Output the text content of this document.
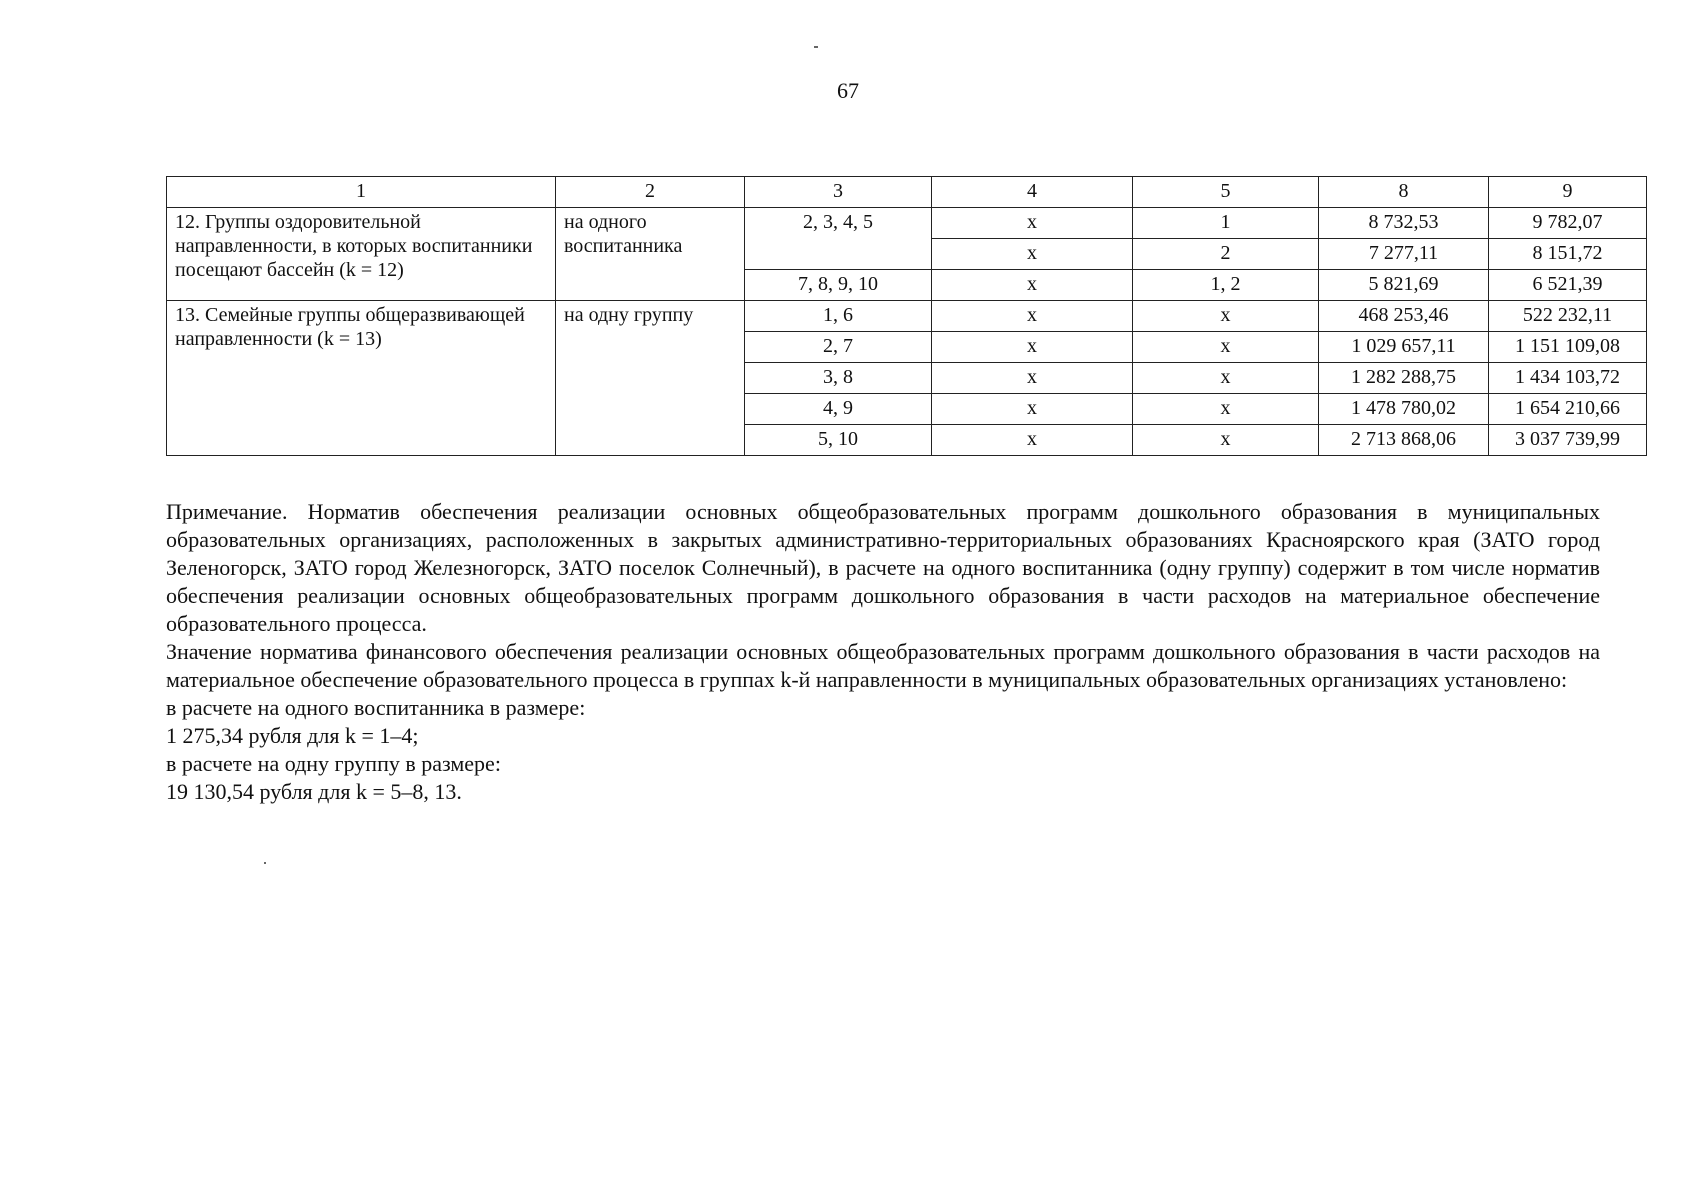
67
1	2	3	4	5	8	9
12. Группы оздоровительной направленности, в которых воспитанники посещают бассейн (k = 12)	на одного воспитанника	2, 3, 4, 5	х	1	8 732,53	9 782,07
			х	2	7 277,11	8 151,72
		7, 8, 9, 10	х	1, 2	5 821,69	6 521,39
13. Семейные группы общеразвивающей направленности (k = 13)	на одну группу	1, 6	х	х	468 253,46	522 232,11
		2, 7	х	х	1 029 657,11	1 151 109,08
		3, 8	х	х	1 282 288,75	1 434 103,72
		4, 9	х	х	1 478 780,02	1 654 210,66
		5, 10	х	х	2 713 868,06	3 037 739,99

Примечание. Норматив обеспечения реализации основных общеобразовательных программ дошкольного образования в муниципальных образовательных организациях, расположенных в закрытых административно-территориальных образованиях Красноярского края (ЗАТО город Зеленогорск, ЗАТО город Железногорск, ЗАТО поселок Солнечный), в расчете на одного воспитанника (одну группу) содержит в том числе норматив обеспечения реализации основных общеобразовательных программ дошкольного образования в части расходов на материальное обеспечение образовательного процесса.

Значение норматива финансового обеспечения реализации основных общеобразовательных программ дошкольного образования в части расходов на материальное обеспечение образовательного процесса в группах k-й направленности в муниципальных образовательных организациях установлено:

в расчете на одного воспитанника в размере:

1 275,34 рубля для k = 1–4;

в расчете на одну группу в размере:

19 130,54 рубля для k = 5–8, 13.
